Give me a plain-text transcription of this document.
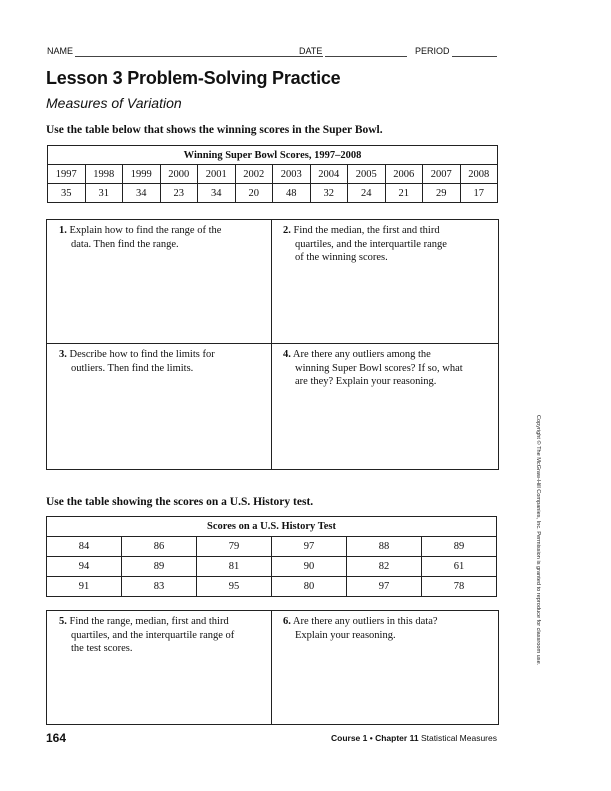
NAME	DATE	PERIOD
Lesson 3 Problem-Solving Practice
Measures of Variation
Use the table below that shows the winning scores in the Super Bowl.
Winning Super Bowl Scores, 1997–2008											
1997	1998	1999	2000	2001	2002	2003	2004	2005	2006	2007	2008
35	31	34	23	34	20	48	32	24	21	29	17
1. Explain how to find the range of the
data. Then find the range.
2. Find the median, the first and third
quartiles, and the interquartile range
of the winning scores.
3. Describe how to find the limits for
outliers. Then find the limits.
4. Are there any outliers among the
winning Super Bowl scores? If so, what
are they? Explain your reasoning.
Use the table showing the scores on a U.S. History test.
Scores on a U.S. History Test					
84	86	79	97	88	89
94	89	81	90	82	61
91	83	95	80	97	78
5. Find the range, median, first and third
quartiles, and the interquartile range of
the test scores.
6. Are there any outliers in this data?
Explain your reasoning.	Copyright © The McGraw-Hill Companies, Inc. Permission is granted to reproduce for classroom use.
164	Course 1 • Chapter 11 Statistical Measures
